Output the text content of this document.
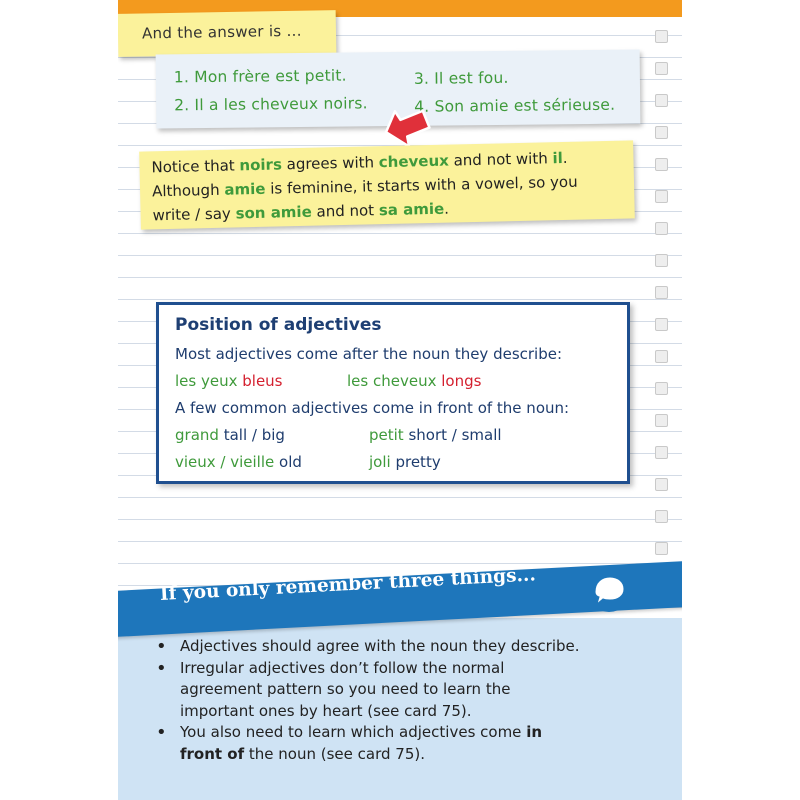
And the answer is ...
1. Mon frère est petit.
2. Il a les cheveux noirs.
3. Il est fou.
4. Son amie est sérieuse.

Notice that noirs agrees with cheveux and not with il.

Although amie is feminine, it starts with a vowel, so you

write / say son amie and not sa amie.

Position of adjectives
Most adjectives come after the noun they describe:
les yeux bleus	les cheveux longs
A few common adjectives come in front of the noun:
grand tall / big	petit short / small
vieux / vieille old	joli pretty
If you only remember three things...
• Adjectives should agree with the noun they describe.
• Irregular adjectives don’t follow the normal
agreement pattern so you need to learn the
important ones by heart (see card 75).
• You also need to learn which adjectives come in
front of the noun (see card 75).
